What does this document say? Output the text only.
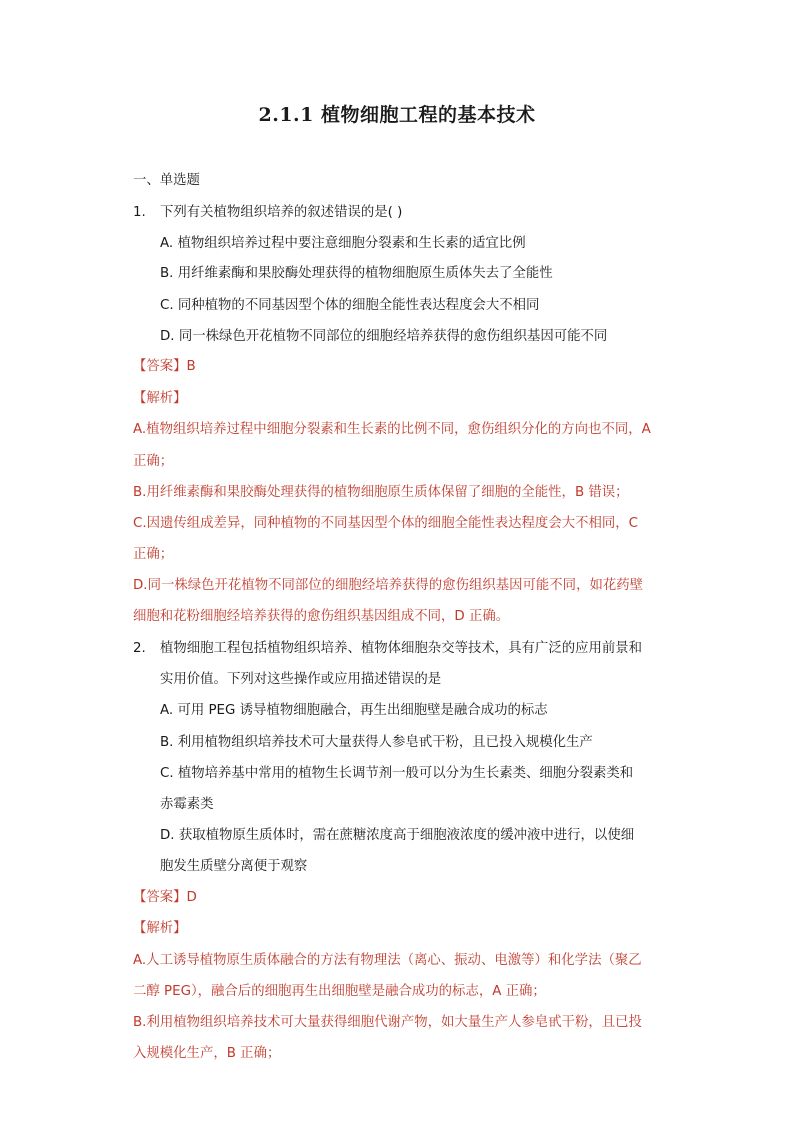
2.1.1 植物细胞工程的基本技术
一、单选题
1. 下列有关植物组织培养的叙述错误的是( )
A. 植物组织培养过程中要注意细胞分裂素和生长素的适宜比例
B. 用纤维素酶和果胶酶处理获得的植物细胞原生质体失去了全能性
C. 同种植物的不同基因型个体的细胞全能性表达程度会大不相同
D. 同一株绿色开花植物不同部位的细胞经培养获得的愈伤组织基因可能不同
【答案】B
【解析】
A.植物组织培养过程中细胞分裂素和生长素的比例不同，愈伤组织分化的方向也不同，A
正确；
B.用纤维素酶和果胶酶处理获得的植物细胞原生质体保留了细胞的全能性，B 错误；
C.因遗传组成差异，同种植物的不同基因型个体的细胞全能性表达程度会大不相同，C
正确；
D.同一株绿色开花植物不同部位的细胞经培养获得的愈伤组织基因可能不同，如花药壁
细胞和花粉细胞经培养获得的愈伤组织基因组成不同，D 正确。
2. 植物细胞工程包括植物组织培养、植物体细胞杂交等技术，具有广泛的应用前景和
实用价值。下列对这些操作或应用描述错误的是
A. 可用 PEG 诱导植物细胞融合，再生出细胞壁是融合成功的标志
B. 利用植物组织培养技术可大量获得人参皂甙干粉，且已投入规模化生产
C. 植物培养基中常用的植物生长调节剂一般可以分为生长素类、细胞分裂素类和
赤霉素类
D. 获取植物原生质体时，需在蔗糖浓度高于细胞液浓度的缓冲液中进行，以使细
胞发生质壁分离便于观察
【答案】D
【解析】
A.人工诱导植物原生质体融合的方法有物理法（离心、振动、电激等）和化学法（聚乙
二醇 PEG），融合后的细胞再生出细胞壁是融合成功的标志，A 正确；
B.利用植物组织培养技术可大量获得细胞代谢产物，如大量生产人参皂甙干粉，且已投
入规模化生产，B 正确；
